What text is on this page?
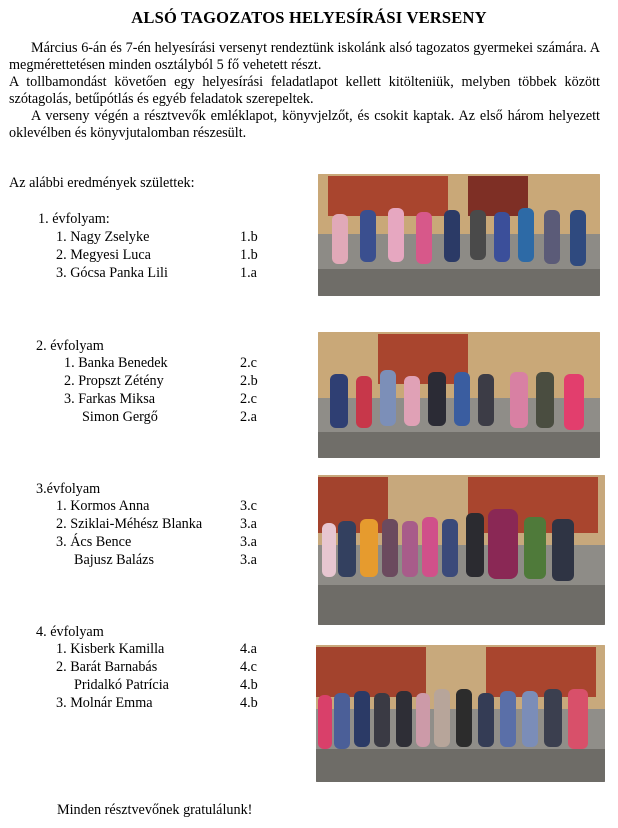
ALSÓ TAGOZATOS HELYESÍRÁSI VERSENY

Március 6-án és 7-én helyesírási versenyt rendeztünk iskolánk alsó tagozatos gyermekei számára. A megmérettetésen minden osztályból 5 fő vehetett részt.

A tollbamondást követően egy helyesírási feladatlapot kellett kitölteniük, melyben többek között szótagolás, betűpótlás és egyéb feladatok szerepeltek.

A verseny végén a résztvevők emléklapot, könyvjelzőt, és csokit kaptak. Az első három helyezett oklevélben és könyvjutalomban részesült.

Az alábbi eredmények születtek:
1. évfolyam:
1. Nagy Zselyke	1.b
2. Megyesi Luca	1.b
3. Gócsa Panka Lili	1.a
2. évfolyam
1. Banka Benedek	2.c
2. Propszt Zétény	2.b
3. Farkas Miksa	2.c
Simon Gergő	2.a
3.évfolyam
1. Kormos Anna	3.c
2. Sziklai-Méhész Blanka	3.a
3. Ács Bence	3.a
Bajusz Balázs	3.a
4. évfolyam
1. Kisberk Kamilla	4.a
2. Barát Barnabás	4.c
Pridalkó Patrícia	4.b
3. Molnár Emma	4.b
Minden résztvevőnek gratulálunk!
